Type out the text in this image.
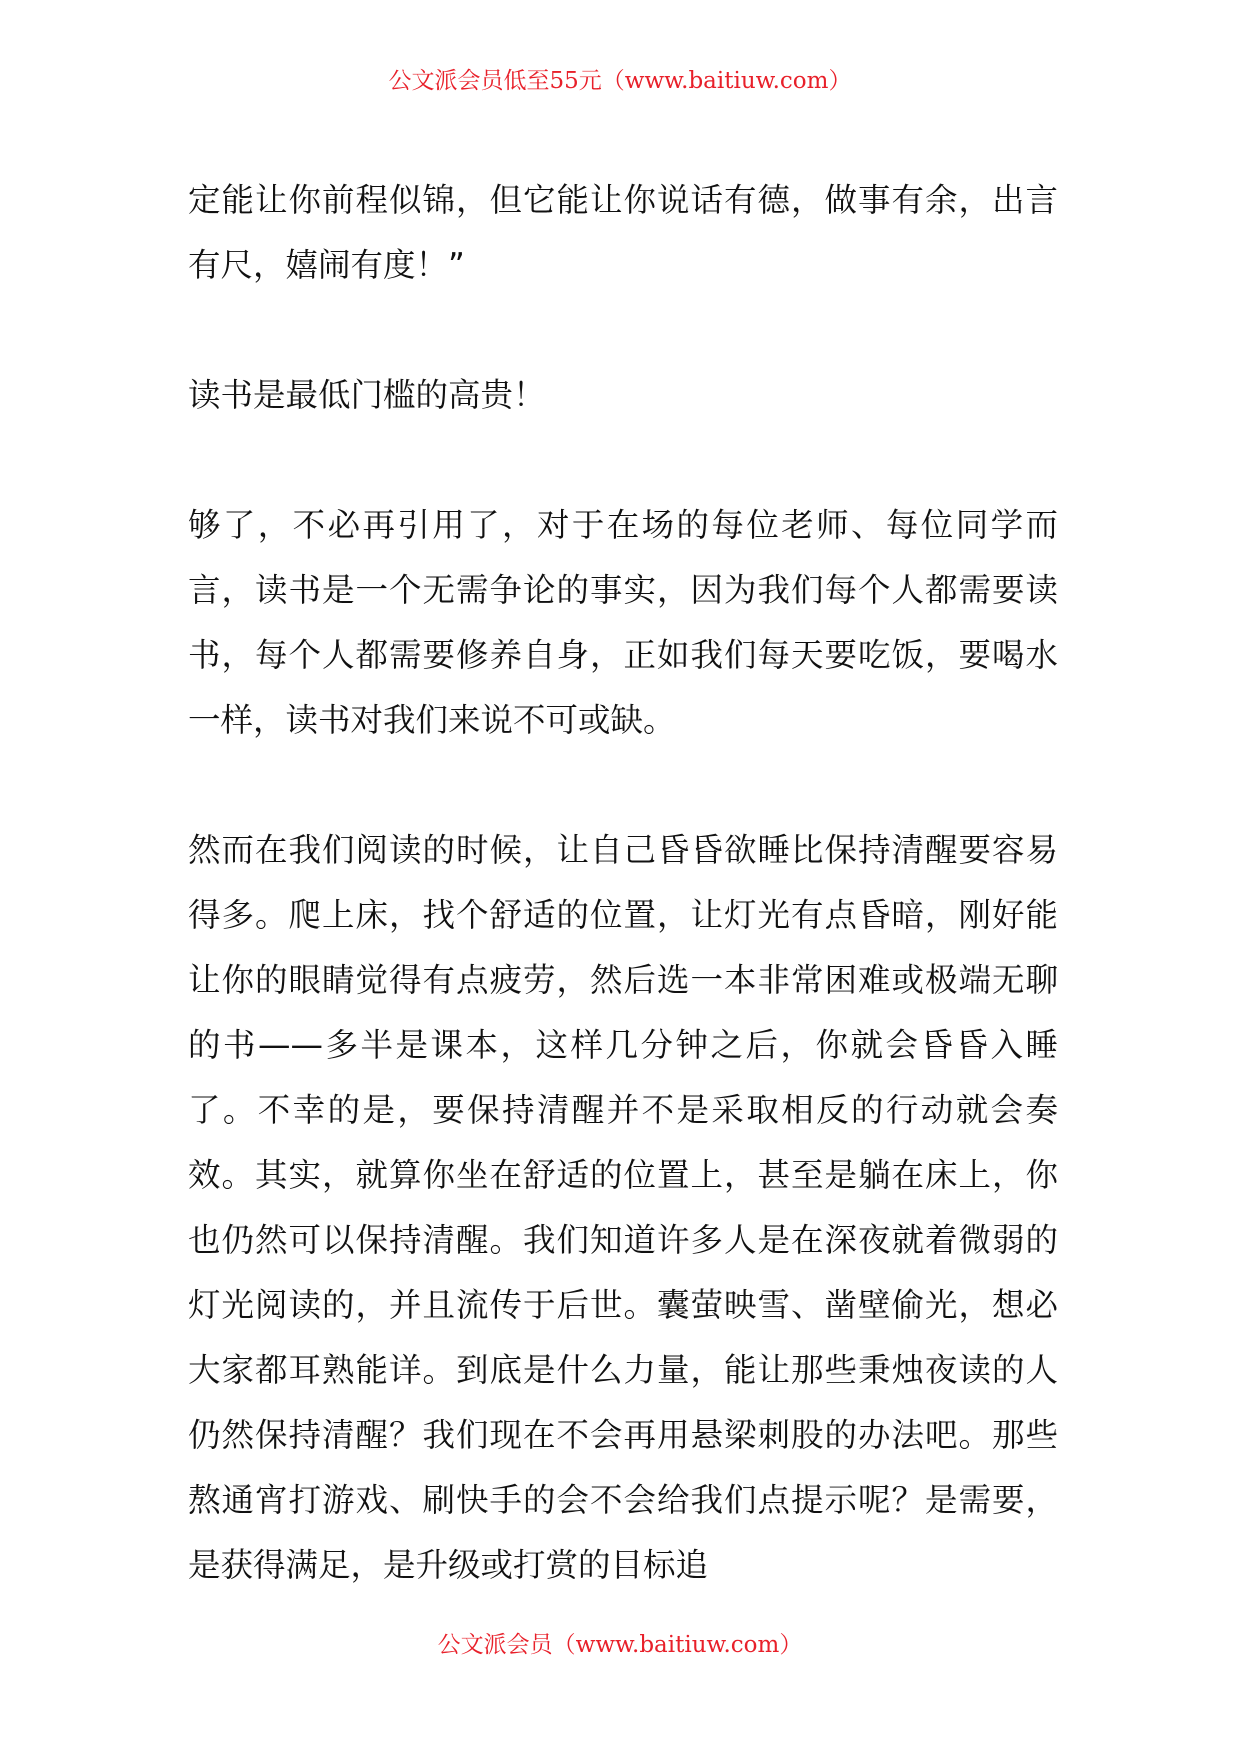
公文派会员低至55元（www.baitiuw.com）

定能让你前程似锦，但它能让你说话有德，做事有余，出言有尺，嬉闹有度！”

读书是最低门槛的高贵！

够了，不必再引用了，对于在场的每位老师、每位同学而言，读书是一个无需争论的事实，因为我们每个人都需要读书，每个人都需要修养自身，正如我们每天要吃饭，要喝水一样，读书对我们来说不可或缺。

然而在我们阅读的时候，让自己昏昏欲睡比保持清醒要容易得多。爬上床，找个舒适的位置，让灯光有点昏暗，刚好能让你的眼睛觉得有点疲劳，然后选一本非常困难或极端无聊的书——多半是课本，这样几分钟之后，你就会昏昏入睡了。不幸的是，要保持清醒并不是采取相反的行动就会奏效。其实，就算你坐在舒适的位置上，甚至是躺在床上，你也仍然可以保持清醒。我们知道许多人是在深夜就着微弱的灯光阅读的，并且流传于后世。囊萤映雪、凿壁偷光，想必大家都耳熟能详。到底是什么力量，能让那些秉烛夜读的人仍然保持清醒？我们现在不会再用悬梁刺股的办法吧。那些熬通宵打游戏、刷快手的会不会给我们点提示呢？是需要，是获得满足，是升级或打赏的目标追

公文派会员（www.baitiuw.com）
